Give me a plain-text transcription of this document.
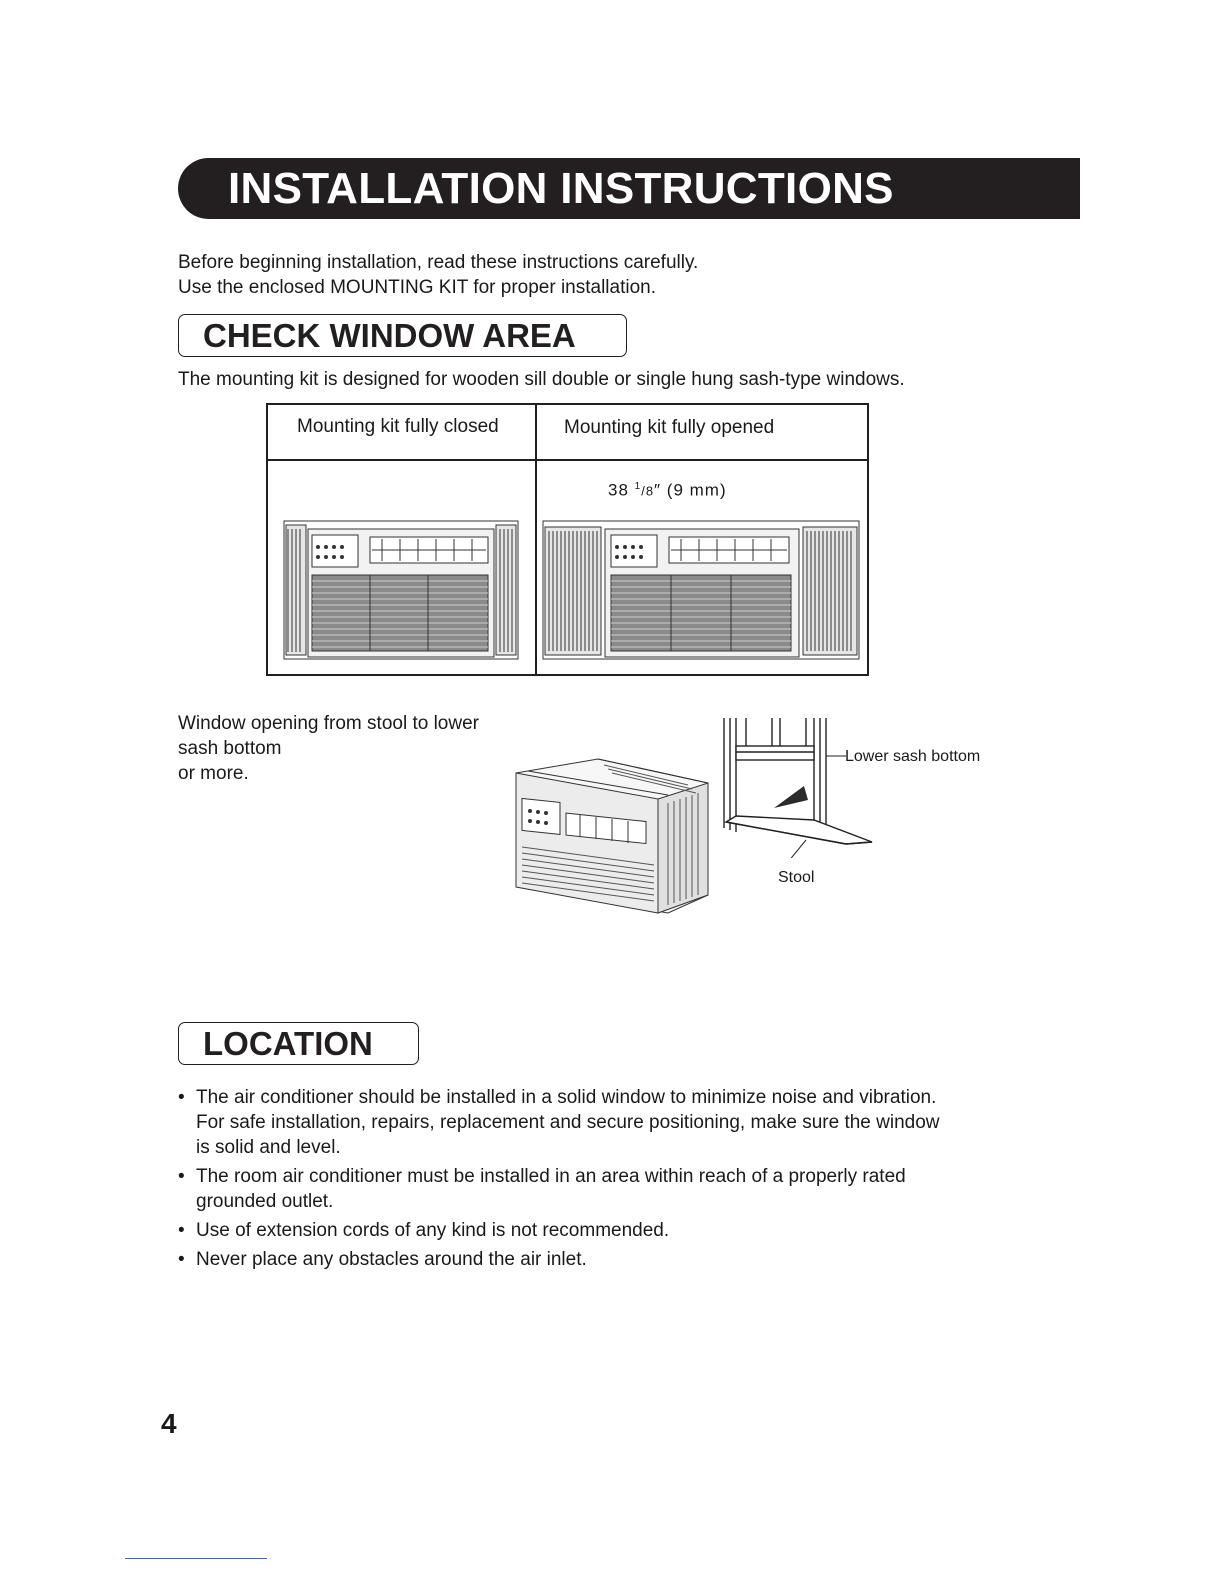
INSTALLATION INSTRUCTIONS
Before beginning installation, read these instructions carefully.
Use the enclosed MOUNTING KIT for proper installation.
CHECK WINDOW AREA
The mounting kit is designed for wooden sill double or single hung sash-type windows.
Mounting kit fully closed	Mounting kit fully opened
38 $^1$/8″ (9 mm)
Window opening from stool to lower
sash bottom
or more.
Lower sash bottom
Stool
LOCATION
• The air conditioner should be installed in a solid window to minimize noise and vibration.
For safe installation, repairs, replacement and secure positioning, make sure the window
is solid and level.
• The room air conditioner must be installed in an area within reach of a properly rated
grounded outlet.
• Use of extension cords of any kind is not recommended.
• Never place any obstacles around the air inlet.
4
